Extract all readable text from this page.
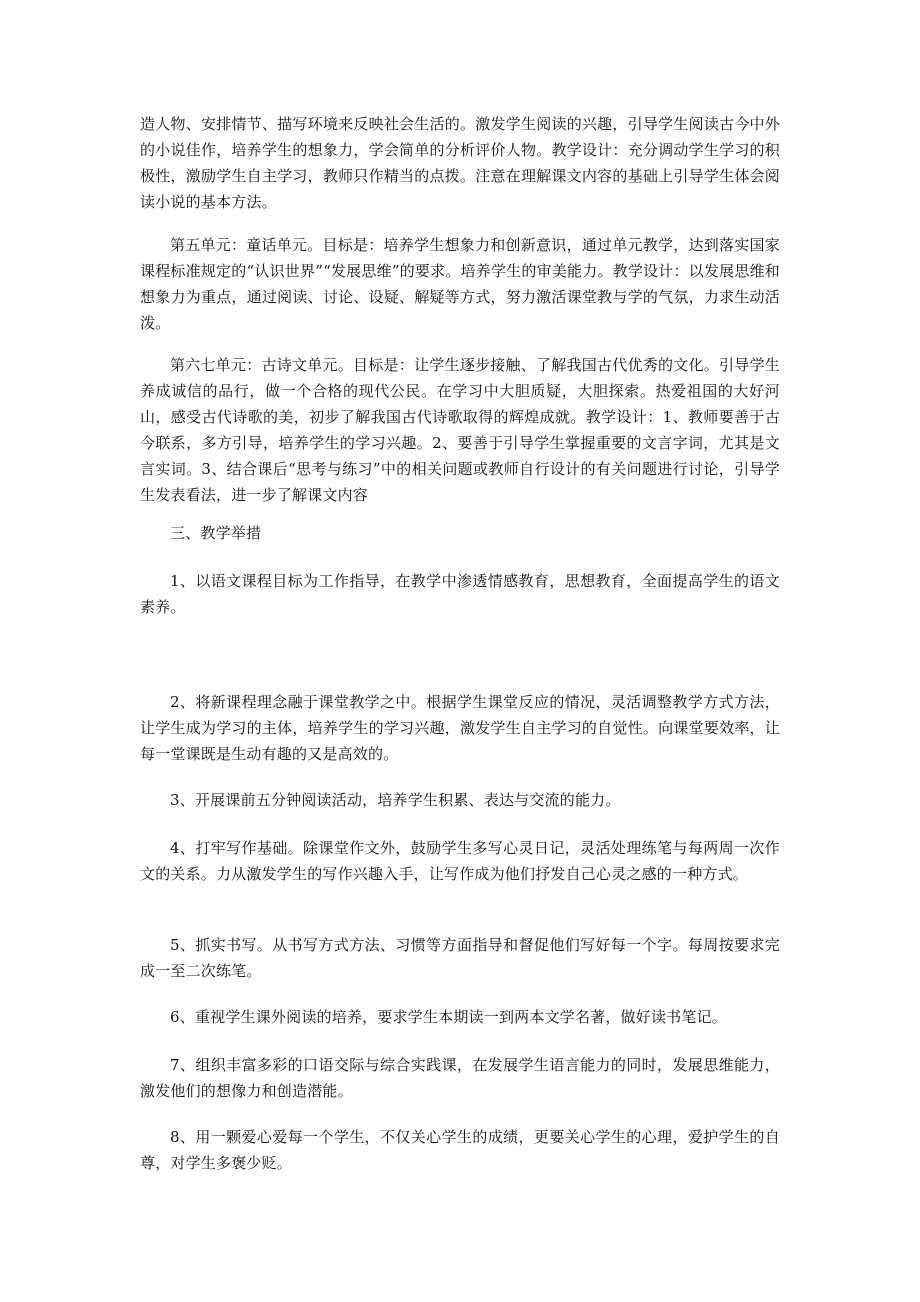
造人物、安排情节、描写环境来反映社会生活的。激发学生阅读的兴趣，引导学生阅读古今中外的小说佳作，培养学生的想象力，学会简单的分析评价人物。教学设计：充分调动学生学习的积极性，激励学生自主学习，教师只作精当的点拨。注意在理解课文内容的基础上引导学生体会阅读小说的基本方法。

第五单元：童话单元。目标是：培养学生想象力和创新意识，通过单元教学，达到落实国家课程标准规定的“认识世界”“发展思维”的要求。培养学生的审美能力。教学设计：以发展思维和想象力为重点，通过阅读、讨论、设疑、解疑等方式，努力激活课堂教与学的气氛，力求生动活泼。

第六七单元：古诗文单元。目标是：让学生逐步接触、了解我国古代优秀的文化。引导学生养成诚信的品行，做一个合格的现代公民。在学习中大胆质疑，大胆探索。热爱祖国的大好河山，感受古代诗歌的美，初步了解我国古代诗歌取得的辉煌成就。教学设计：1、教师要善于古今联系，多方引导，培养学生的学习兴趣。2、要善于引导学生掌握重要的文言字词，尤其是文言实词。3、结合课后“思考与练习”中的相关问题或教师自行设计的有关问题进行讨论，引导学生发表看法，进一步了解课文内容

三、教学举措

1、以语文课程目标为工作指导，在教学中渗透情感教育，思想教育，全面提高学生的语文素养。

2、将新课程理念融于课堂教学之中。根据学生课堂反应的情况，灵活调整教学方式方法，让学生成为学习的主体，培养学生的学习兴趣，激发学生自主学习的自觉性。向课堂要效率，让每一堂课既是生动有趣的又是高效的。

3、开展课前五分钟阅读活动，培养学生积累、表达与交流的能力。

4、打牢写作基础。除课堂作文外，鼓励学生多写心灵日记，灵活处理练笔与每两周一次作文的关系。力从激发学生的写作兴趣入手，让写作成为他们抒发自己心灵之感的一种方式。

5、抓实书写。从书写方式方法、习惯等方面指导和督促他们写好每一个字。每周按要求完成一至二次练笔。

6、重视学生课外阅读的培养，要求学生本期读一到两本文学名著，做好读书笔记。

7、组织丰富多彩的口语交际与综合实践课，在发展学生语言能力的同时，发展思维能力，激发他们的想像力和创造潜能。

8、用一颗爱心爱每一个学生，不仅关心学生的成绩，更要关心学生的心理，爱护学生的自尊，对学生多褒少贬。
